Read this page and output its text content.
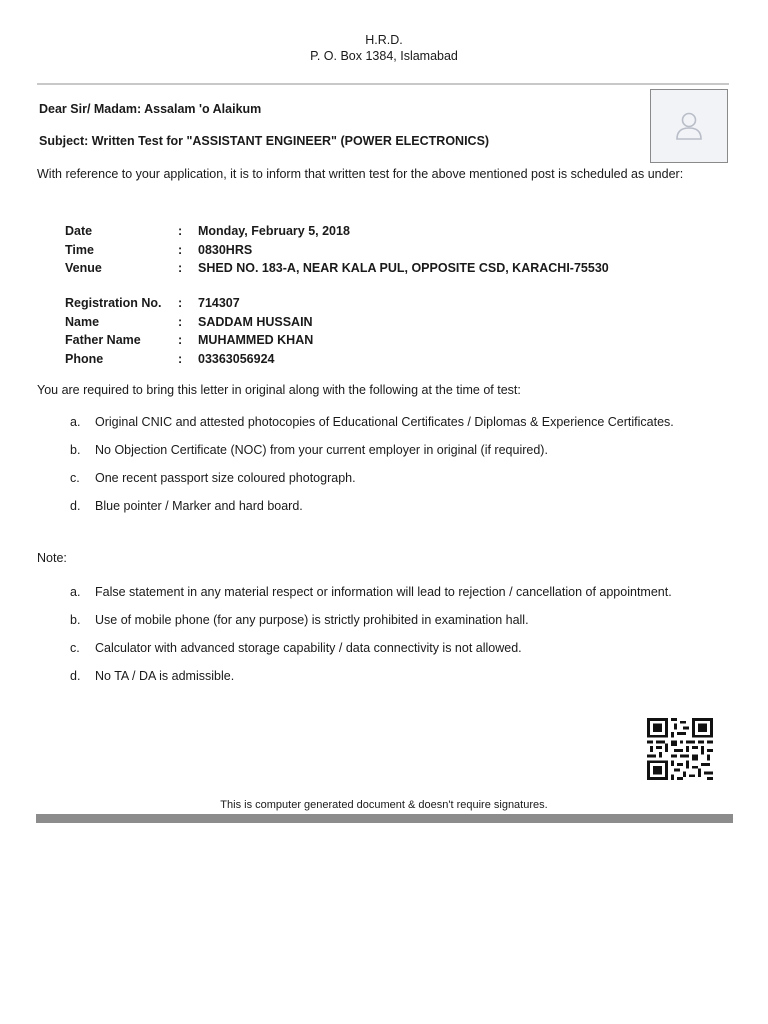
H.R.D.
P. O. Box 1384, Islamabad
Dear Sir/ Madam: Assalam 'o Alaikum
Subject: Written Test for "ASSISTANT ENGINEER" (POWER ELECTRONICS)
With reference to your application, it is to inform that written test for the above mentioned post is scheduled as under:
Date	:	Monday, February 5, 2018
Time	:	0830HRS
Venue	:	SHED NO. 183-A, NEAR KALA PUL, OPPOSITE CSD, KARACHI-75530
Registration No.	:	714307
Name	:	SADDAM HUSSAIN
Father Name	:	MUHAMMED KHAN
Phone	:	03363056924
You are required to bring this letter in original along with the following at the time of test:
a.	Original CNIC and attested photocopies of Educational Certificates / Diplomas & Experience Certificates.
b.	No Objection Certificate (NOC) from your current employer in original (if required).
c.	One recent passport size coloured photograph.
d.	Blue pointer / Marker and hard board.
Note:
a.	False statement in any material respect or information will lead to rejection / cancellation of appointment.
b.	Use of mobile phone (for any purpose) is strictly prohibited in examination hall.
c.	Calculator with advanced storage capability / data connectivity is not allowed.
d.	No TA / DA is admissible.
This is computer generated document & doesn't require signatures.
